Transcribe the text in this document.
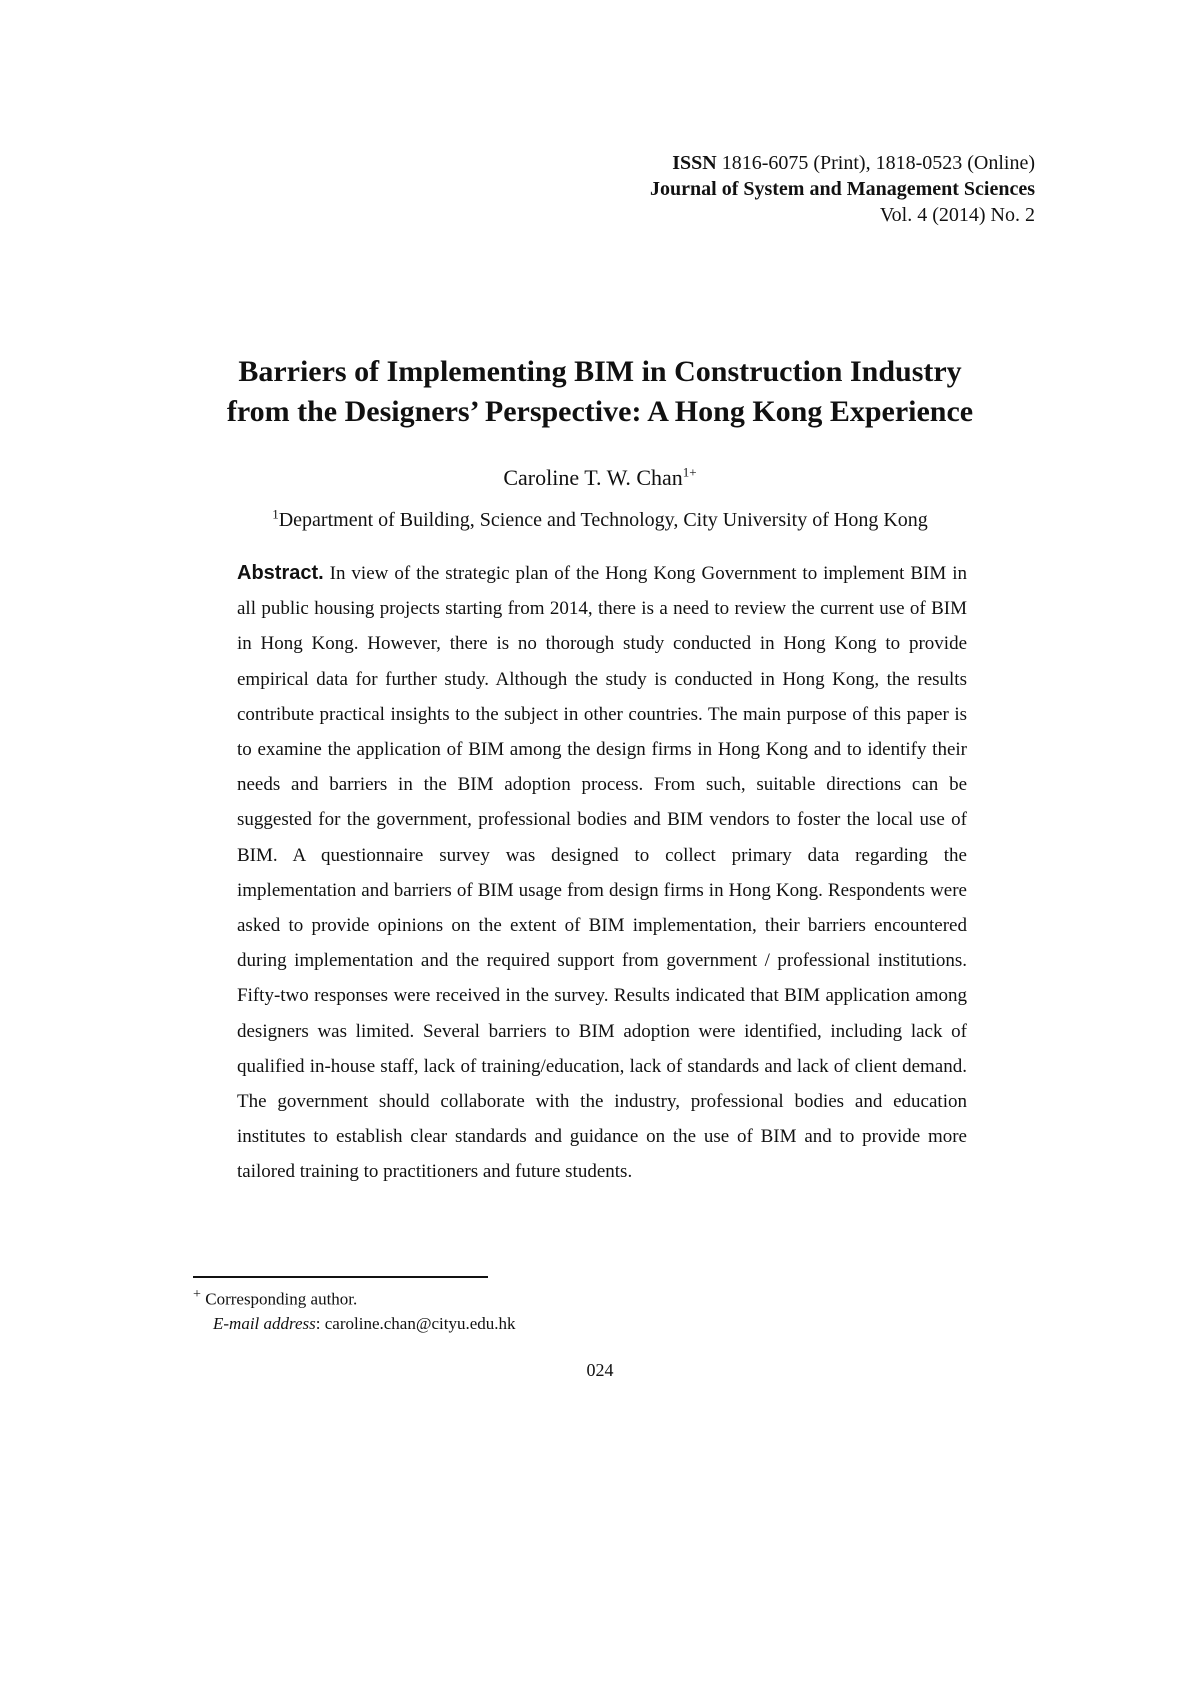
ISSN 1816-6075 (Print), 1818-0523 (Online)
Journal of System and Management Sciences
Vol. 4 (2014) No. 2
Barriers of Implementing BIM in Construction Industry
from the Designers’ Perspective: A Hong Kong Experience
Caroline T. W. Chan$^{1+}$
$^1$Department of Building, Science and Technology, City University of Hong Kong
Abstract. In view of the strategic plan of the Hong Kong Government to implement BIM in all public housing projects starting from 2014, there is a need to review the current use of BIM in Hong Kong. However, there is no thorough study conducted in Hong Kong to provide empirical data for further study. Although the study is conducted in Hong Kong, the results contribute practical insights to the subject in other countries. The main purpose of this paper is to examine the application of BIM among the design firms in Hong Kong and to identify their needs and barriers in the BIM adoption process. From such, suitable directions can be suggested for the government, professional bodies and BIM vendors to foster the local use of BIM. A questionnaire survey was designed to collect primary data regarding the implementation and barriers of BIM usage from design firms in Hong Kong. Respondents were asked to provide opinions on the extent of BIM implementation, their barriers encountered during implementation and the required support from government / professional institutions. Fifty-two responses were received in the survey. Results indicated that BIM application among designers was limited. Several barriers to BIM adoption were identified, including lack of qualified in-house staff, lack of training/education, lack of standards and lack of client demand. The government should collaborate with the industry, professional bodies and education institutes to establish clear standards and guidance on the use of BIM and to provide more tailored training to practitioners and future students.
+ Corresponding author.
E-mail address: caroline.chan@cityu.edu.hk
024
